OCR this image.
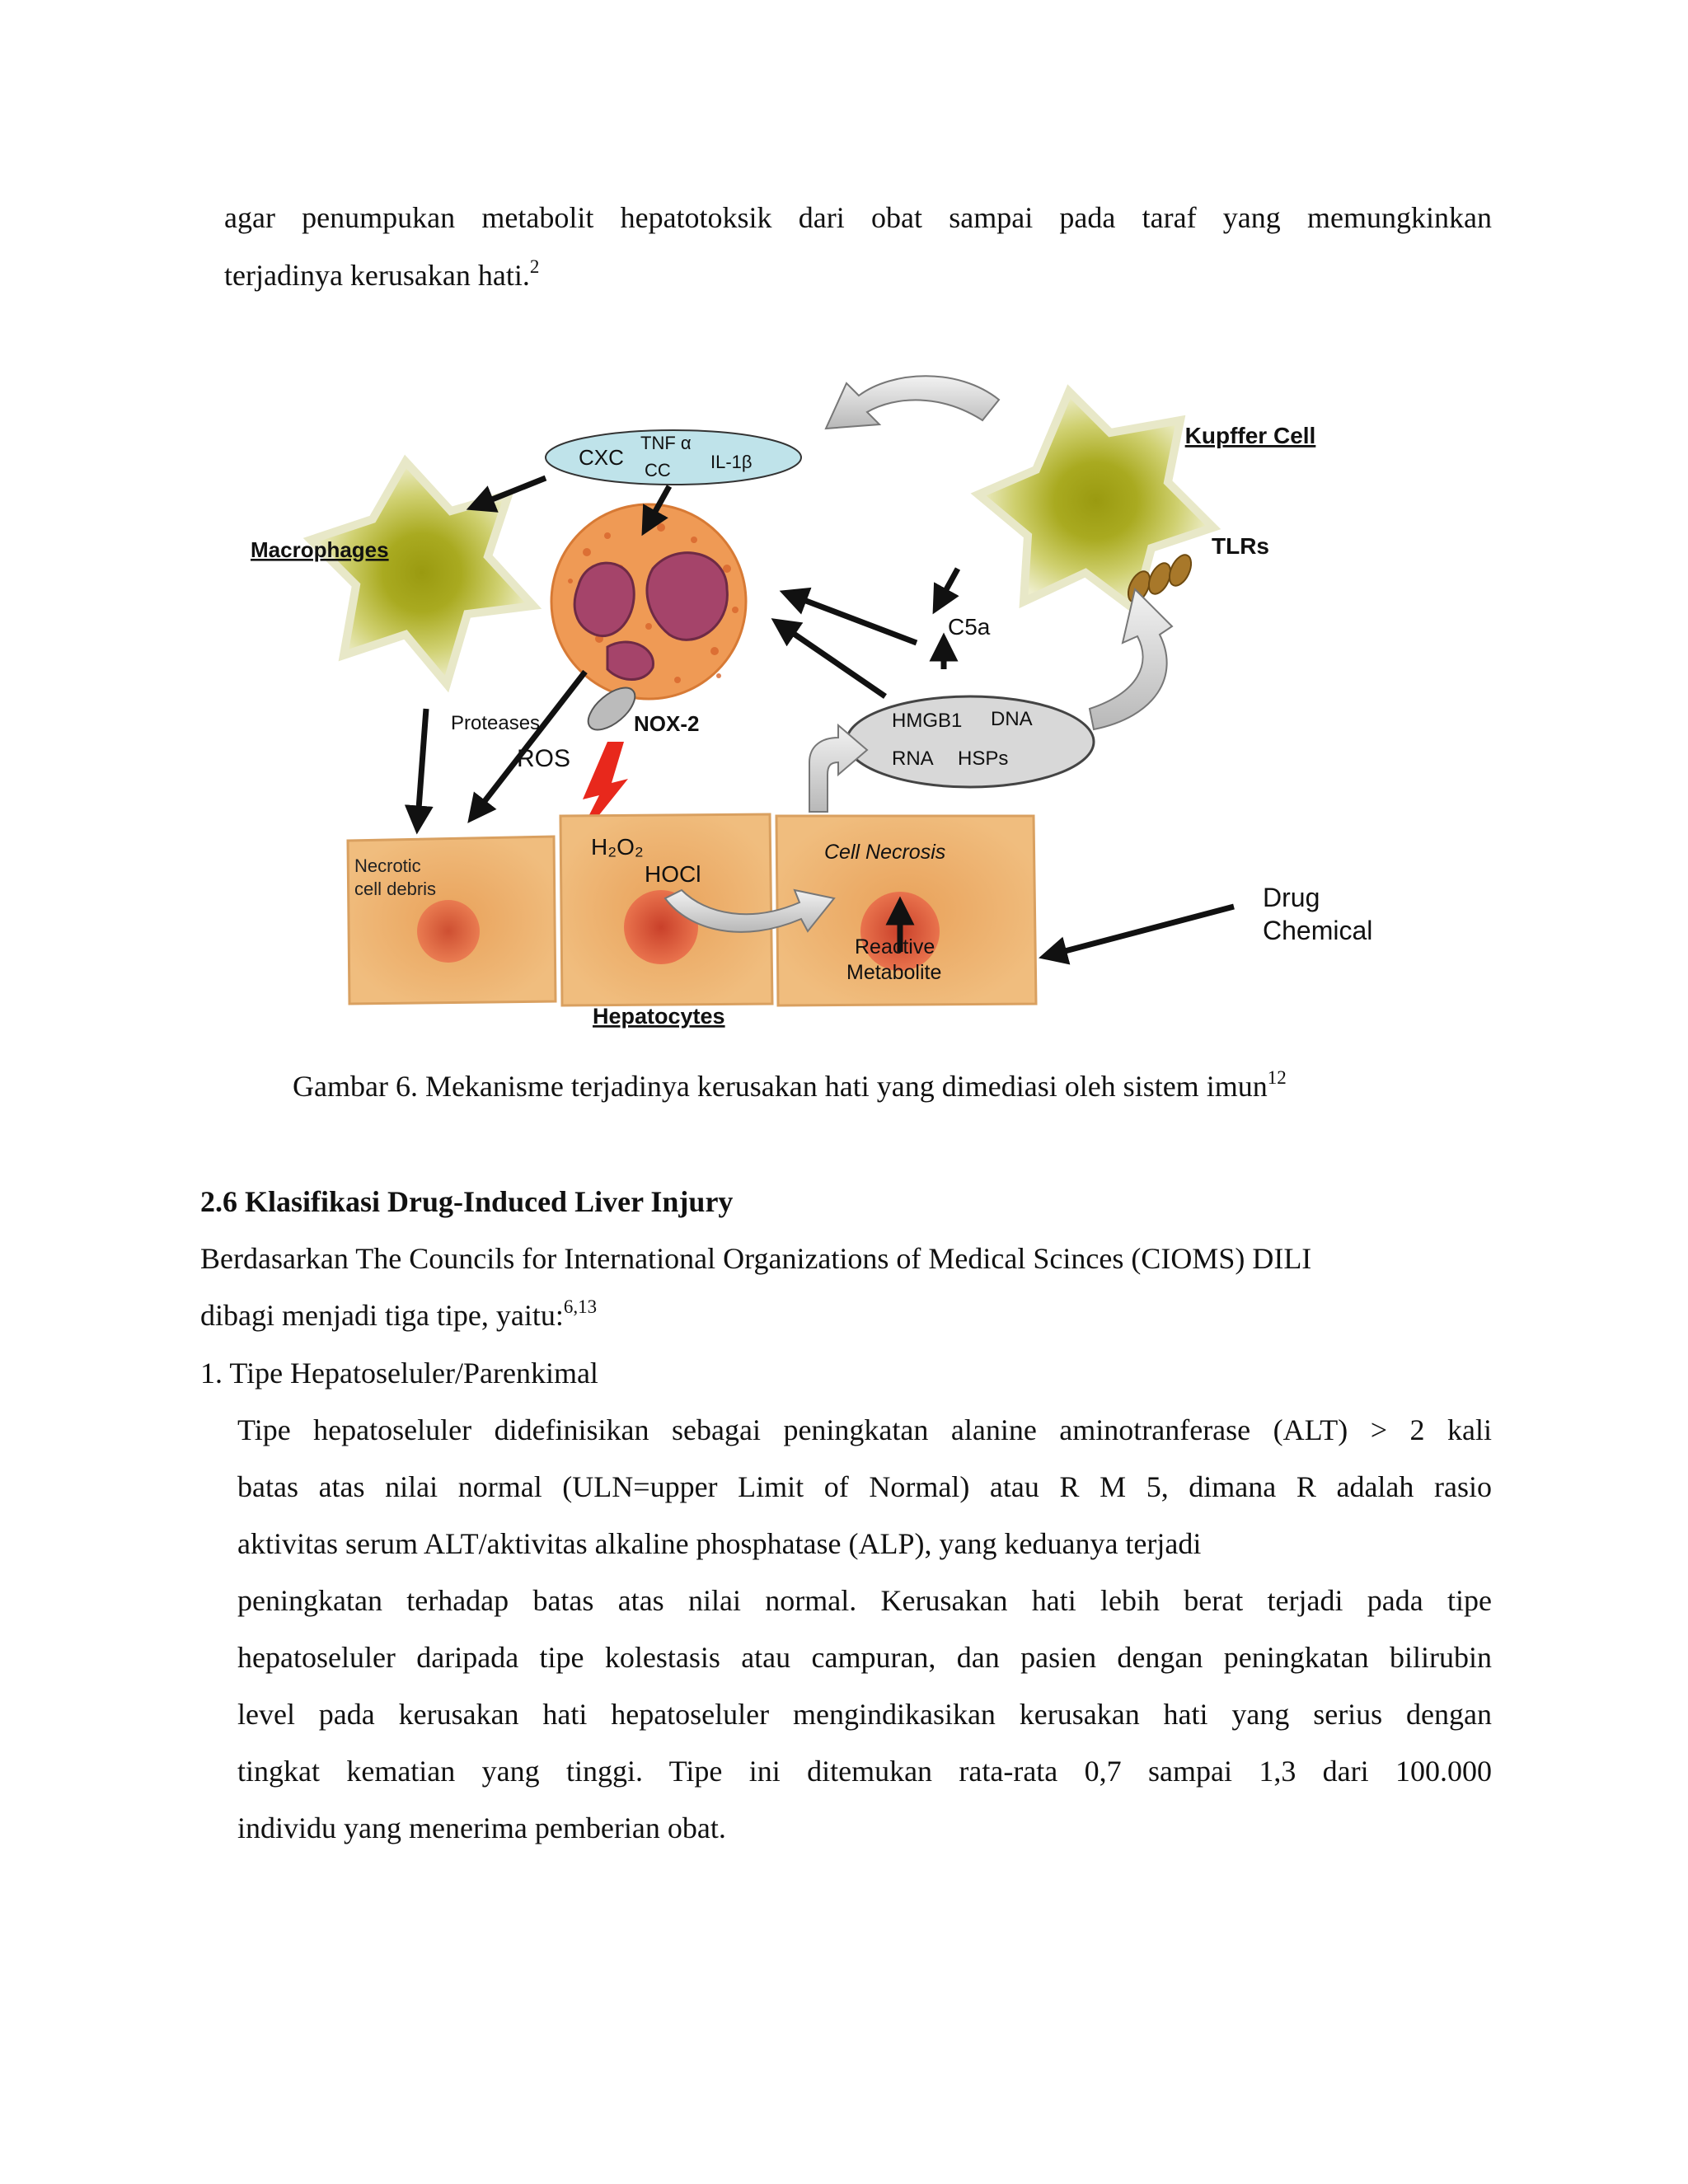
agar penumpukan metabolit hepatotoksik dari obat sampai pada taraf yang memungkinkan
terjadinya kerusakan hati.$^2$
Kupffer Cell
TLRs
Macrophages
CXC
TNF α
CC IL-1β
NOX-2
ROS
C5a
HMGB1 DNA
RNA HSPs
Necrotic
cell debris
H₂O₂
HOCl
Cell Necrosis
Reactive
Metabolite
Proteases
Drug
Chemical
Hepatocytes
Gambar 6. Mekanisme terjadinya kerusakan hati yang dimediasi oleh sistem imun$^{12}$
2.6 Klasifikasi Drug-Induced Liver Injury
Berdasarkan The Councils for International Organizations of Medical Scinces (CIOMS) DILI
dibagi menjadi tiga tipe, yaitu:$^{6,13}$
1. Tipe Hepatoseluler/Parenkimal
Tipe hepatoseluler didefinisikan sebagai peningkatan alanine aminotranferase (ALT) > 2 kali
batas atas nilai normal (ULN=upper Limit of Normal) atau R M 5, dimana R adalah rasio
aktivitas serum ALT/aktivitas alkaline phosphatase (ALP), yang keduanya terjadi
peningkatan terhadap batas atas nilai normal. Kerusakan hati lebih berat terjadi pada tipe
hepatoseluler daripada tipe kolestasis atau campuran, dan pasien dengan peningkatan bilirubin
level pada kerusakan hati hepatoseluler mengindikasikan kerusakan hati yang serius dengan
tingkat kematian yang tinggi. Tipe ini ditemukan rata-rata 0,7 sampai 1,3 dari 100.000
individu yang menerima pemberian obat.
